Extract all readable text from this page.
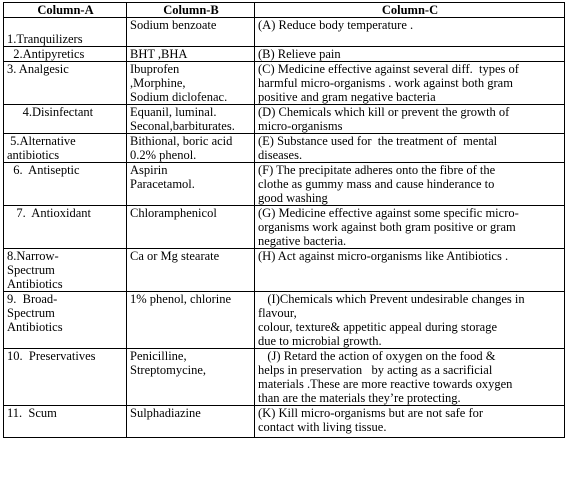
Column-A	Column-B	Column-C

1.Tranquilizers	Sodium benzoate	(A) Reduce body temperature .

2.Antipyretics	BHT ,BHA	(B) Relieve pain

3. Analgesic	Ibuprofen
,Morphine,
Sodium diclofenac.	(C) Medicine effective against several diff.  types of
harmful micro-organisms . work against both gram
positive and gram negative bacteria

4.Disinfectant	Equanil, luminal.
Seconal,barbiturates.	(D) Chemicals which kill or prevent the growth of
micro-organisms

5.Alternative
antibiotics	Bithional, boric acid
0.2% phenol.	(E) Substance used for  the treatment of  mental
diseases.

6.  Antiseptic	Aspirin
Paracetamol.	(F) The precipitate adheres onto the fibre of the
clothe as gummy mass and cause hinderance to
good washing

7.  Antioxidant	Chloramphenicol	(G) Medicine effective against some specific micro-
organisms work against both gram positive or gram
negative bacteria.

8.Narrow-
Spectrum
Antibiotics	Ca or Mg stearate	(H) Act against micro-organisms like Antibiotics .

9.  Broad-
Spectrum
Antibiotics	1% phenol, chlorine	(I)Chemicals which Prevent undesirable changes in
flavour,
colour, texture& appetitic appeal during storage
due to microbial growth.

10.  Preservatives	Penicilline,
Streptomycine,	(J) Retard the action of oxygen on the food &
helps in preservation   by acting as a sacrificial
materials .These are more reactive towards oxygen
than are the materials they’re protecting.

11.  Scum	Sulphadiazine	(K) Kill micro-organisms but are not safe for
contact with living tissue.
